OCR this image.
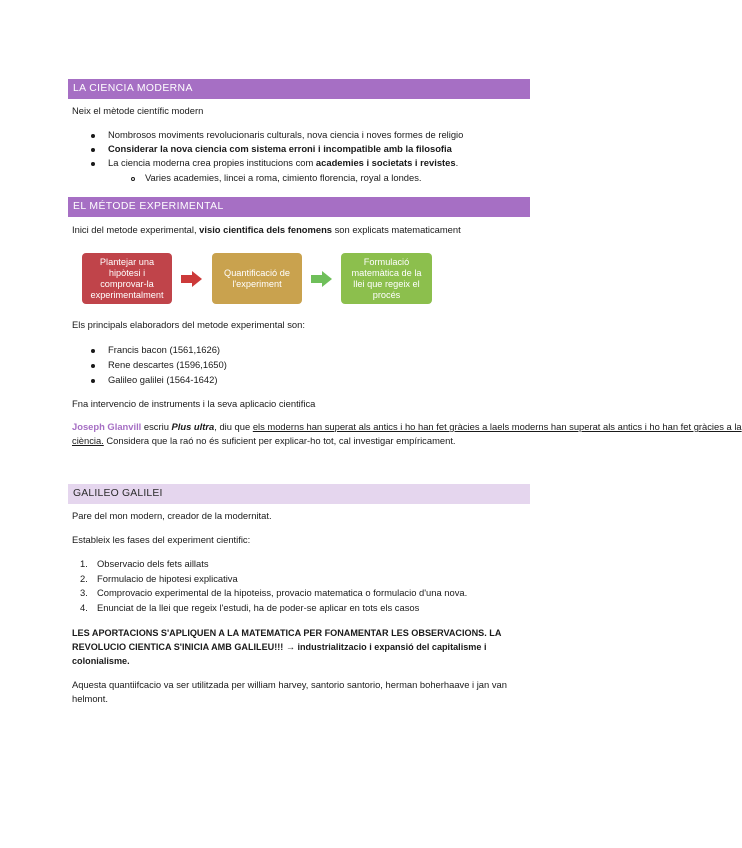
LA CIENCIA MODERNA
Neix el mètode científic modern
Nombrosos moviments revolucionaris culturals, nova ciencia i noves formes de religio
Considerar la nova ciencia com sistema erroni i incompatible amb la filosofia
La ciencia moderna crea propies institucions com academies i societats i revistes.
Varies academies, lincei a roma, cimiento florencia, royal a londes.
EL MÉTODE EXPERIMENTAL
Inici del metode experimental, visio cientifica dels fenomens son explicats matematicament
Plantejar una hipòtesi i comprovar-la experimentalment
Quantificació de l'experiment
Formulació matemàtica de la llei que regeix el procés
Els principals elaboradors del metode experimental son:
Francis bacon (1561,1626)
Rene descartes (1596,1650)
Galileo galilei (1564-1642)
Fna intervencio de instruments i la seva aplicacio cientifica
Joseph Glanvill escriu Plus ultra, diu que els moderns han superat als antics i ho han fet gràcies a laels moderns han superat als antics i ho han fet gràcies a la
ciència. Considera que la raó no és suficient per explicar-ho tot, cal investigar empíricament.
GALILEO GALILEI
Pare del mon modern, creador de la modernitat.
Estableix les fases del experiment cientific:
1. Observacio dels fets aillats
2. Formulacio de hipotesi explicativa
3. Comprovacio experimental de la hipoteiss, provacio matematica o formulacio d'una nova.
4. Enunciat de la llei que regeix l'estudi, ha de poder-se aplicar en tots els casos
LES APORTACIONS S'APLIQUEN A LA MATEMATICA PER FONAMENTAR LES OBSERVACIONS. LA
REVOLUCIO CIENTICA S'INICIA AMB GALILEU!!! → industrialitzacio i expansió del capitalisme i
colonialisme.
Aquesta quantiifcacio va ser utilitzada per william harvey, santorio santorio, herman boherhaave i jan van
helmont.
